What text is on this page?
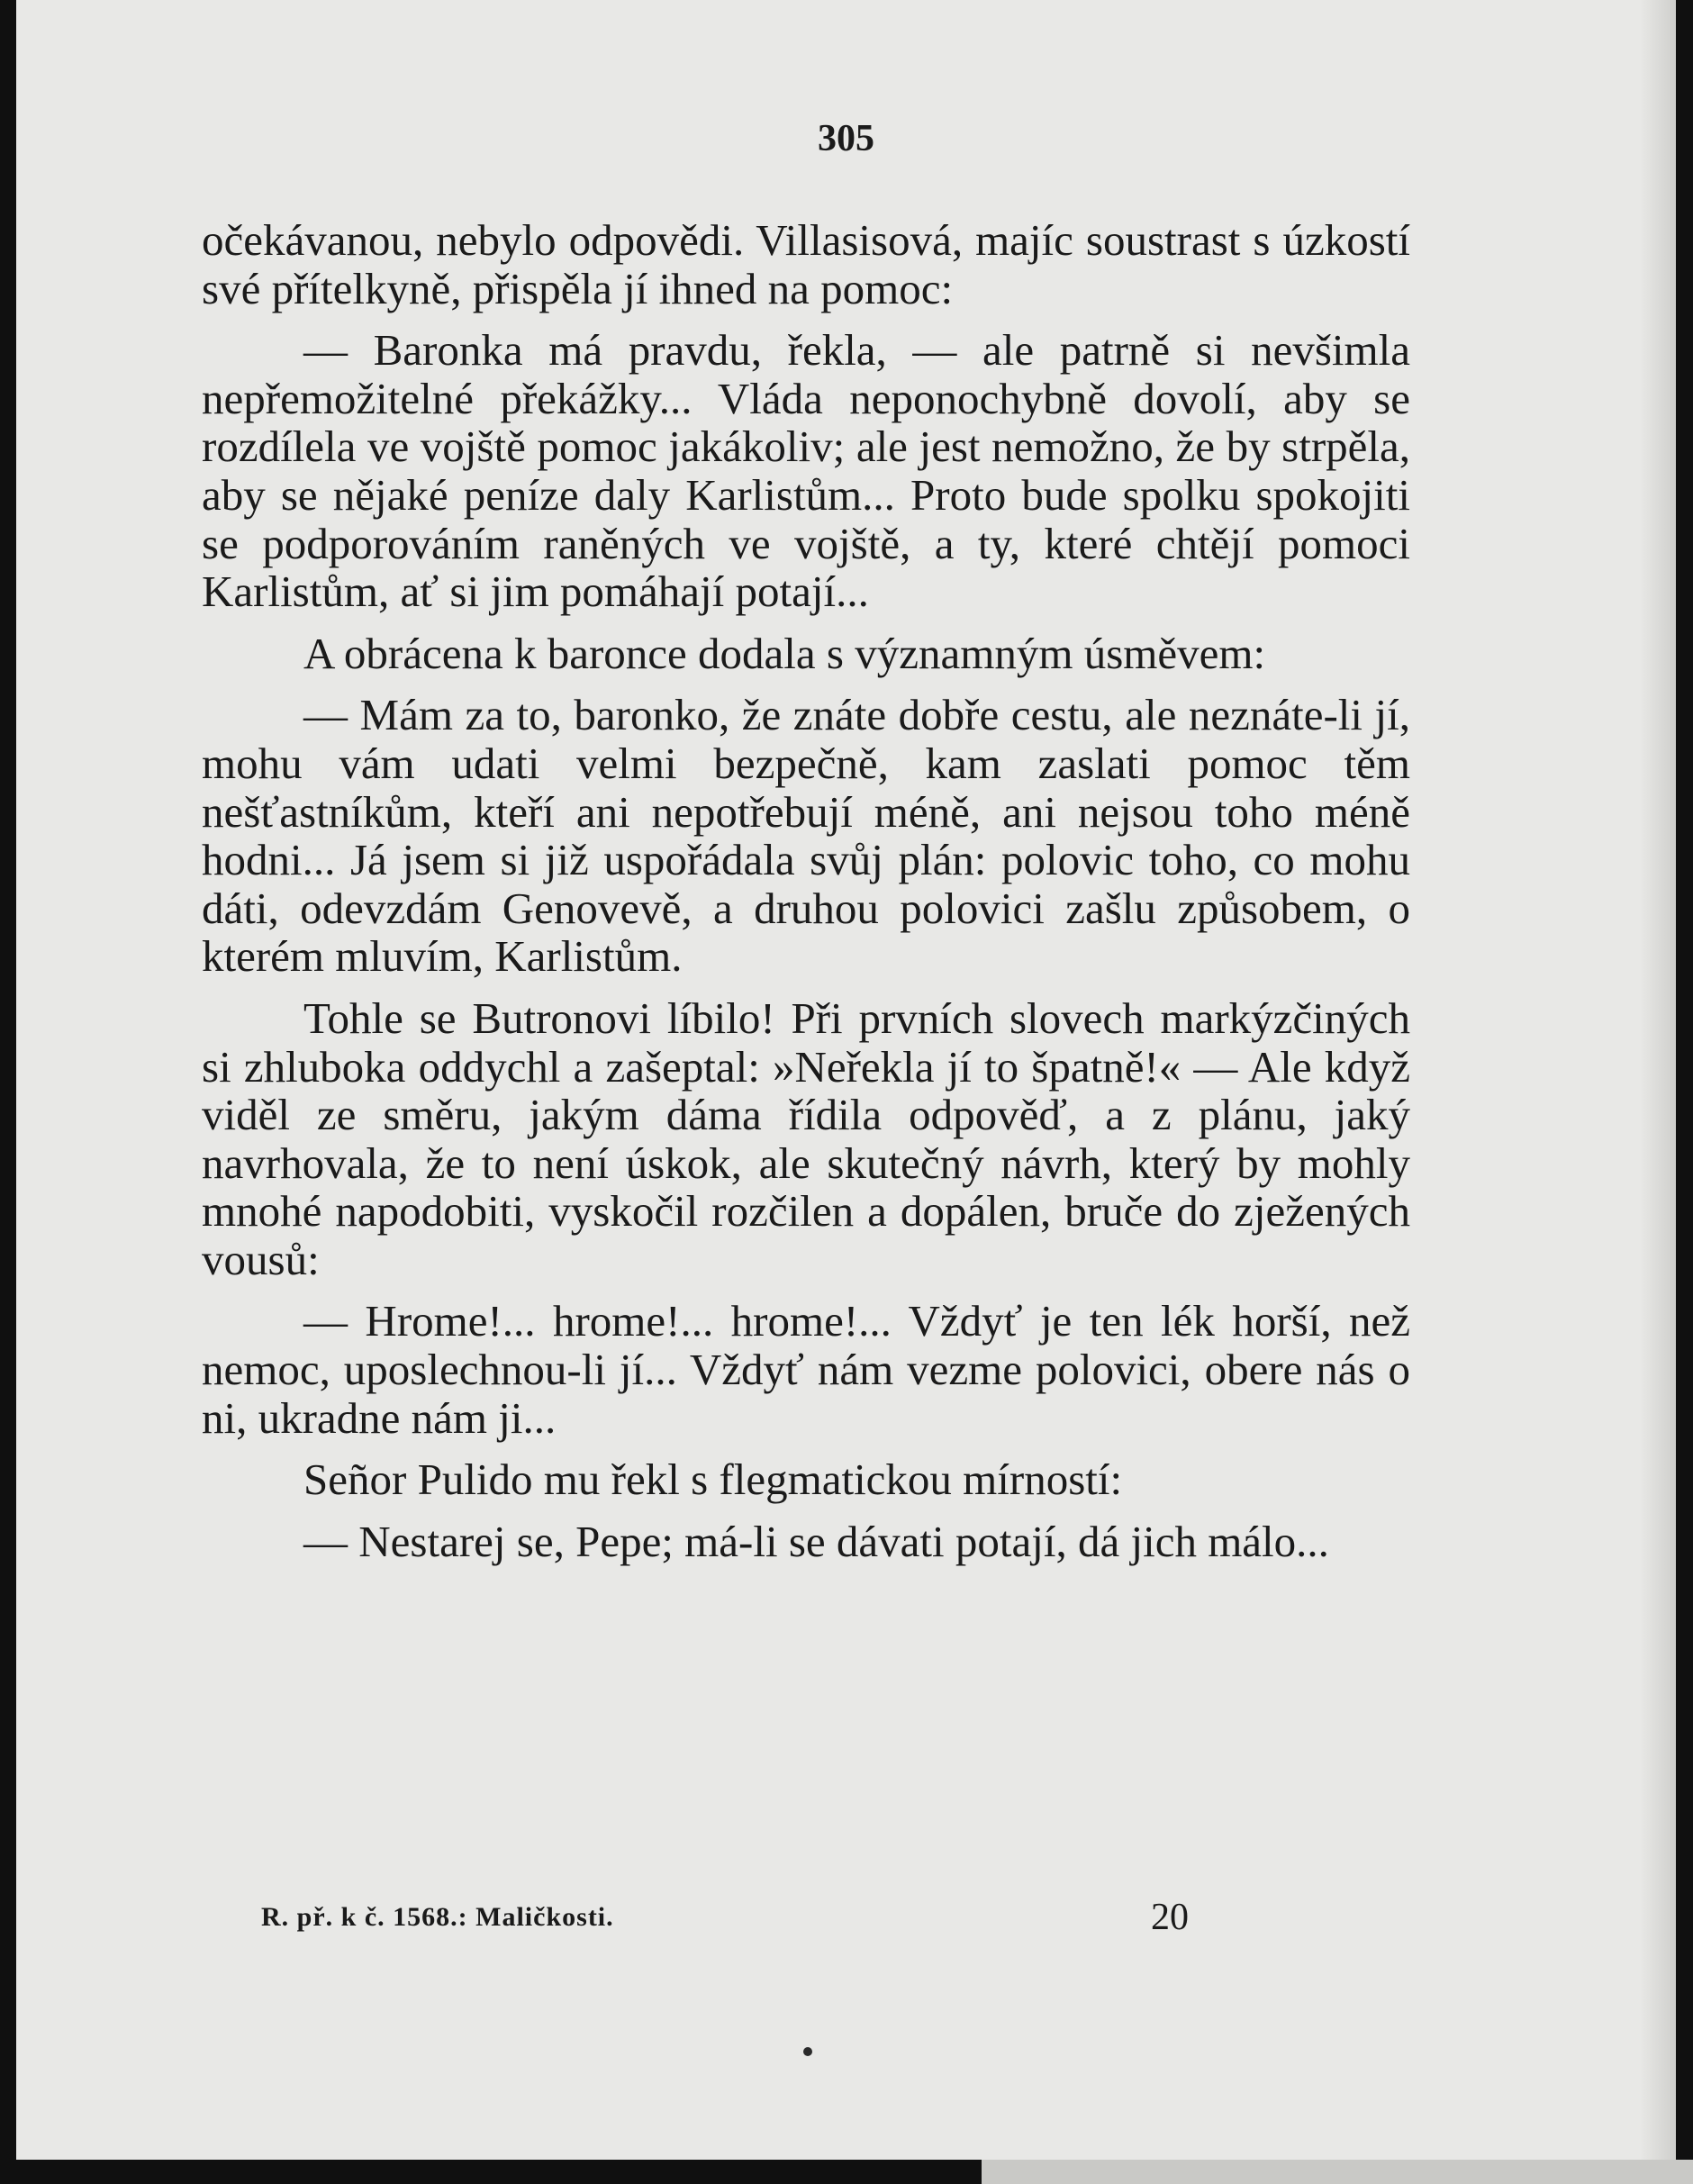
305

očekávanou, nebylo odpovědi. Villasisová, majíc soustrast s úzkostí své přítelkyně, přispěla jí ihned na pomoc:

— Baronka má pravdu, řekla, — ale patrně si nevšimla nepřemožitelné překážky... Vláda neponochybně dovolí, aby se rozdílela ve vojště pomoc jakákoliv; ale jest nemožno, že by strpěla, aby se nějaké peníze daly Karlistům... Proto bude spolku spokojiti se podporováním raněných ve vojště, a ty, které chtějí pomoci Karlistům, ať si jim pomáhají potají...

A obrácena k baronce dodala s významným úsměvem:

— Mám za to, baronko, že znáte dobře cestu, ale neznáte-li jí, mohu vám udati velmi bezpečně, kam zaslati pomoc těm nešťastníkům, kteří ani nepotřebují méně, ani nejsou toho méně hodni... Já jsem si již uspořádala svůj plán: polovic toho, co mohu dáti, odevzdám Genovevě, a druhou polovici zašlu způsobem, o kterém mluvím, Karlistům.

Tohle se Butronovi líbilo! Při prvních slovech markýzčiných si zhluboka oddychl a zašeptal: »Neřekla jí to špatně!« — Ale když viděl ze směru, jakým dáma řídila odpověď, a z plánu, jaký navrhovala, že to není úskok, ale skutečný návrh, který by mohly mnohé napodobiti, vyskočil rozčilen a dopálen, bruče do zježených vousů:

— Hrome!... hrome!... hrome!... Vždyť je ten lék horší, než nemoc, uposlechnou-li jí... Vždyť nám vezme polovici, obere nás o ni, ukradne nám ji...

Señor Pulido mu řekl s flegmatickou mírností:

— Nestarej se, Pepe; má-li se dávati potají, dá jich málo...

R. př. k č. 1568.: Maličkosti.	20
